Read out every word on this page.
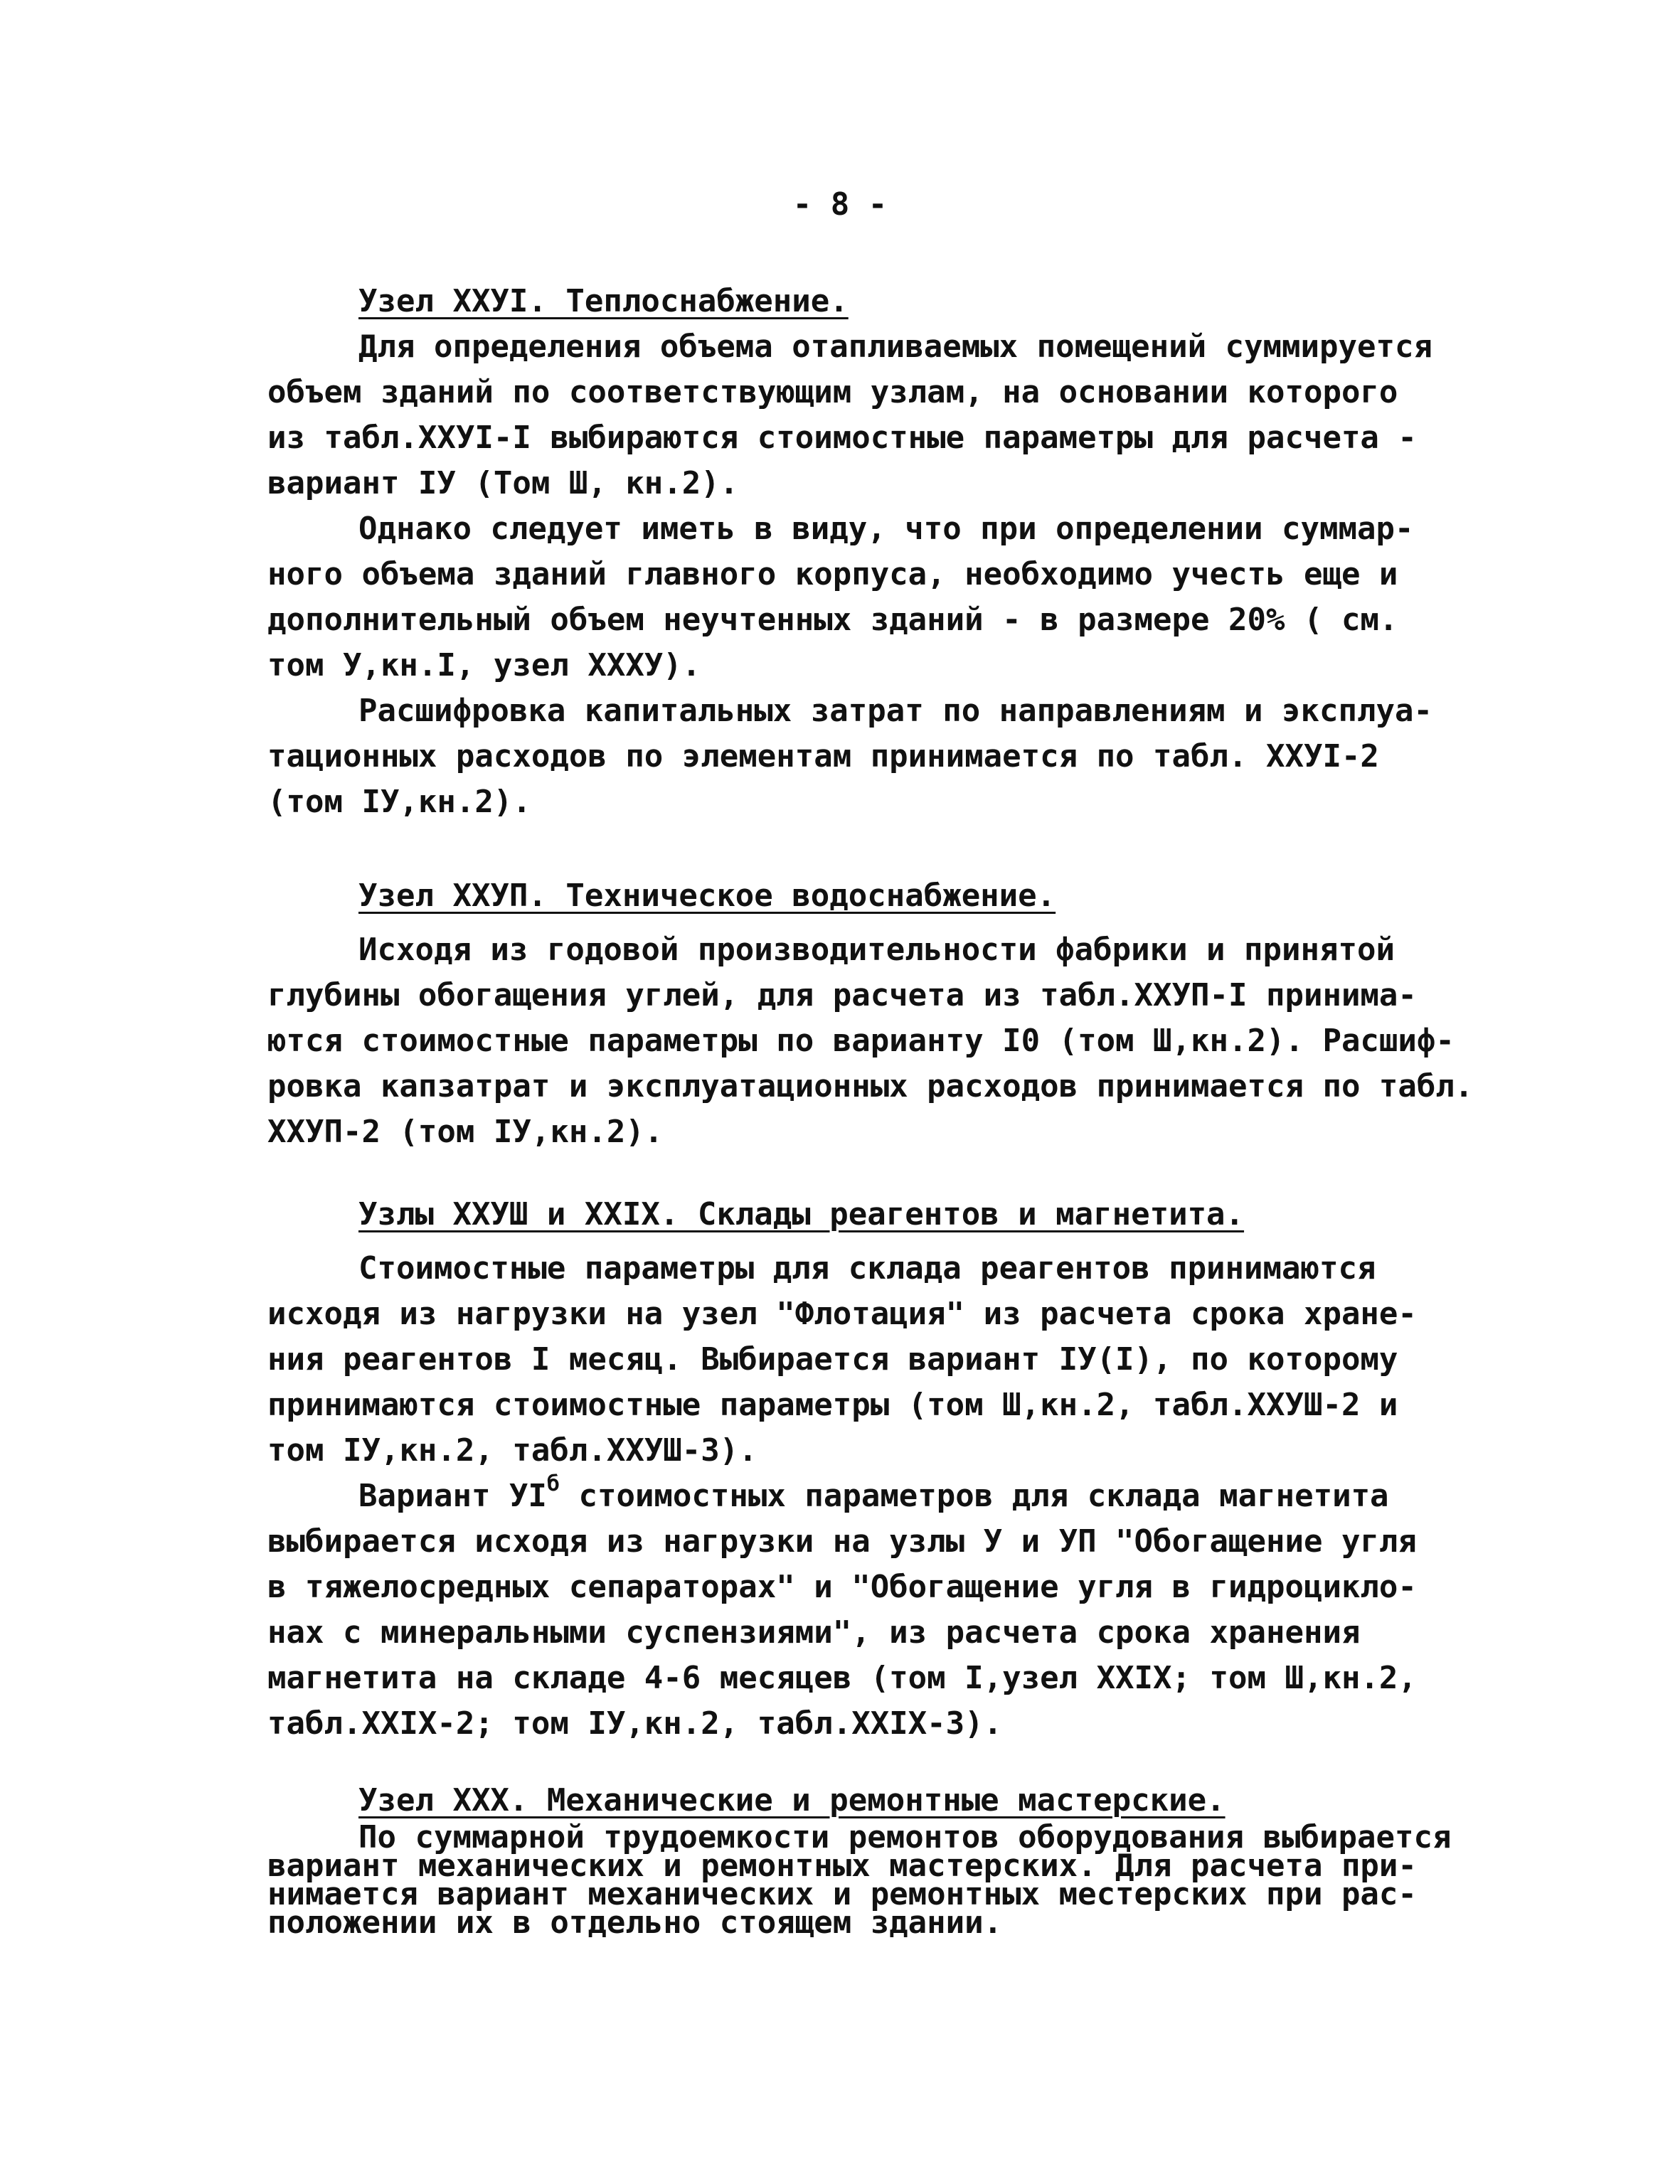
- 8 -

Узел XXУI. Теплоснабжение.

Для определения объема отапливаемых помещений суммируется
объем зданий по соответствующим узлам, на основании которого
из табл.XXУI-I выбираются стоимостные параметры для расчета -
вариант IУ (Том Ш, кн.2).
Однако следует иметь в виду, что при определении суммар-
ного объема зданий главного корпуса, необходимо учесть еще и
дополнительный объем неучтенных зданий - в размере 20% ( см.
том У,кн.I, узел XXXУ).
Расшифровка капитальных затрат по направлениям и эксплуа-
тационных расходов по элементам принимается по табл. XXУI-2
(том IУ,кн.2).

Узел XXУП. Техническое водоснабжение.

Исходя из годовой производительности фабрики и принятой
глубины обогащения углей, для расчета из табл.XXУП-I принима-
ются стоимостные параметры по варианту I0 (том Ш,кн.2). Расшиф-
ровка капзатрат и эксплуатационных расходов принимается по табл.
XXУП-2 (том IУ,кн.2).

Узлы XXУШ и XXIX. Склады реагентов и магнетита.

Стоимостные параметры для склада реагентов принимаются
исходя из нагрузки на узел "Флотация" из расчета срока хране-
ния реагентов I месяц. Выбирается вариант IУ(I), по которому
принимаются стоимостные параметры (том Ш,кн.2, табл.XXУШ-2 и
том IУ,кн.2, табл.XXУШ-3).
Вариант $УI^б$ стоимостных параметров для склада магнетита
выбирается исходя из нагрузки на узлы У и УП "Обогащение угля
в тяжелосредных сепараторах" и "Обогащение угля в гидроцикло-
нах с минеральными суспензиями", из расчета срока хранения
магнетита на складе 4-6 месяцев (том I,узел XXIX; том Ш,кн.2,
табл.XXIX-2; том IУ,кн.2, табл.XXIX-3).

Узел XXX. Механические и ремонтные мастерские.

По суммарной трудоемкости ремонтов оборудования выбирается
вариант механических и ремонтных мастерских. Для расчета при-
нимается вариант механических и ремонтных местерских при рас-
положении их в отдельно стоящем здании.
